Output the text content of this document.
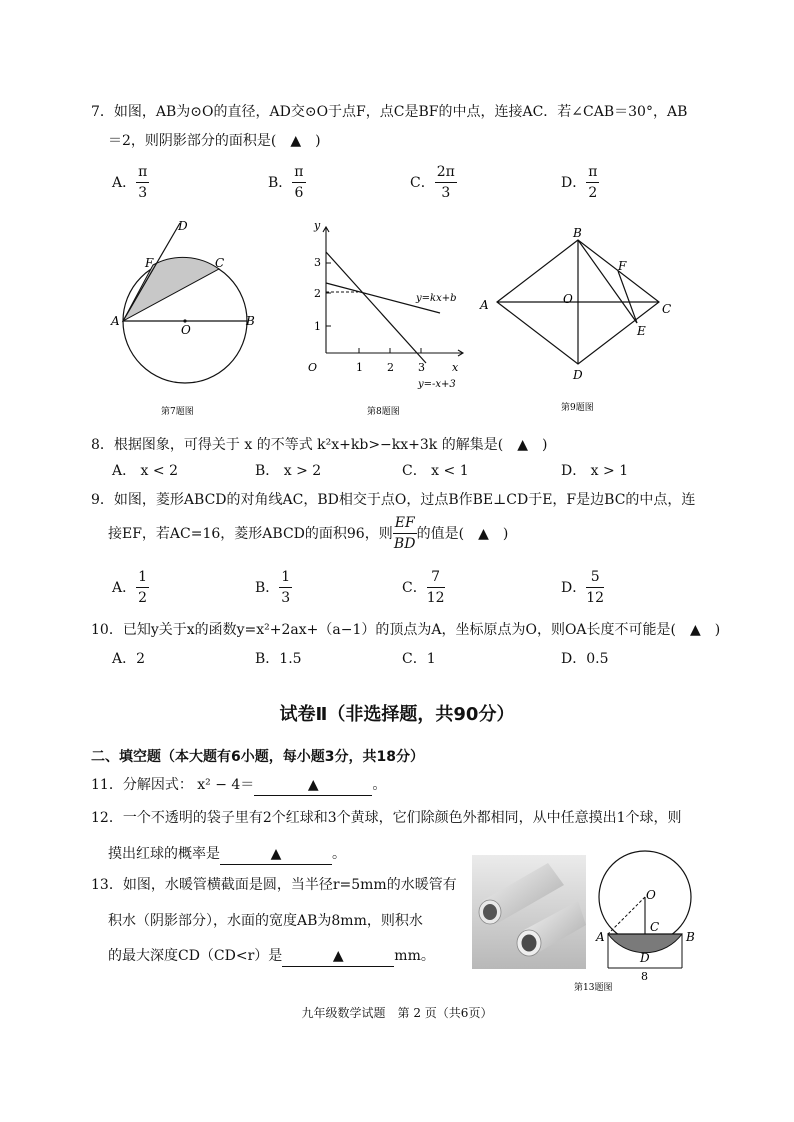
7．如图，AB为⊙O的直径，AD交⊙O于点F，点C是BF的中点，连接AC．若∠CAB＝30°，AB
＝2，则阴影部分的面积是(　▲　)
A． $\frac{\pi}{3}$	B． $\frac{\pi}{6}$	C． $\frac{2\pi}{3}$	D． $\frac{\pi}{2}$
D
F	C
A
O
B
第7题图
y
x
O
3
2
1
1 2 3
y=kx+b
y=-x+3
第8题图
B
F
A	O
C
E
D
第9题图
8．根据图象，可得关于 x 的不等式 k²x+kb>−kx+3k 的解集是(　▲　)
A． x < 2	B． x > 2	C． x < 1	D． x > 1
9．如图，菱形ABCD的对角线AC，BD相交于点O，过点B作BE⊥CD于E，F是边BC的中点，连
接EF，若AC=16，菱形ABCD的面积96，则 $\frac{EF}{BD}$ 的值是(　▲　)
A． $\frac{1}{2}$	B． $\frac{1}{3}$	C． $\frac{7}{12}$	D． $\frac{5}{12}$
10．已知y关于x的函数y=x²+2ax+（a−1）的顶点为A，坐标原点为O，则OA长度不可能是(　▲　)
A．2	B．1.5	C．1	D．0.5
试卷Ⅱ（非选择题，共90分）
二、填空题（本大题有6小题，每小题3分，共18分）
11．分解因式： x² − 4＝	▲	。
12．一个不透明的袋子里有2个红球和3个黄球，它们除颜色外都相同，从中任意摸出1个球，则
摸出红球的概率是	▲	。
13．如图，水暖管横截面是圆，当半径r=5mm的水暖管有
积水（阴影部分），水面的宽度AB为8mm，则积水
的最大深度CD（CD<r）是	▲	mm。
O
A
C
B
D
8
第13题图
九年级数学试题　第 2 页（共6页）
